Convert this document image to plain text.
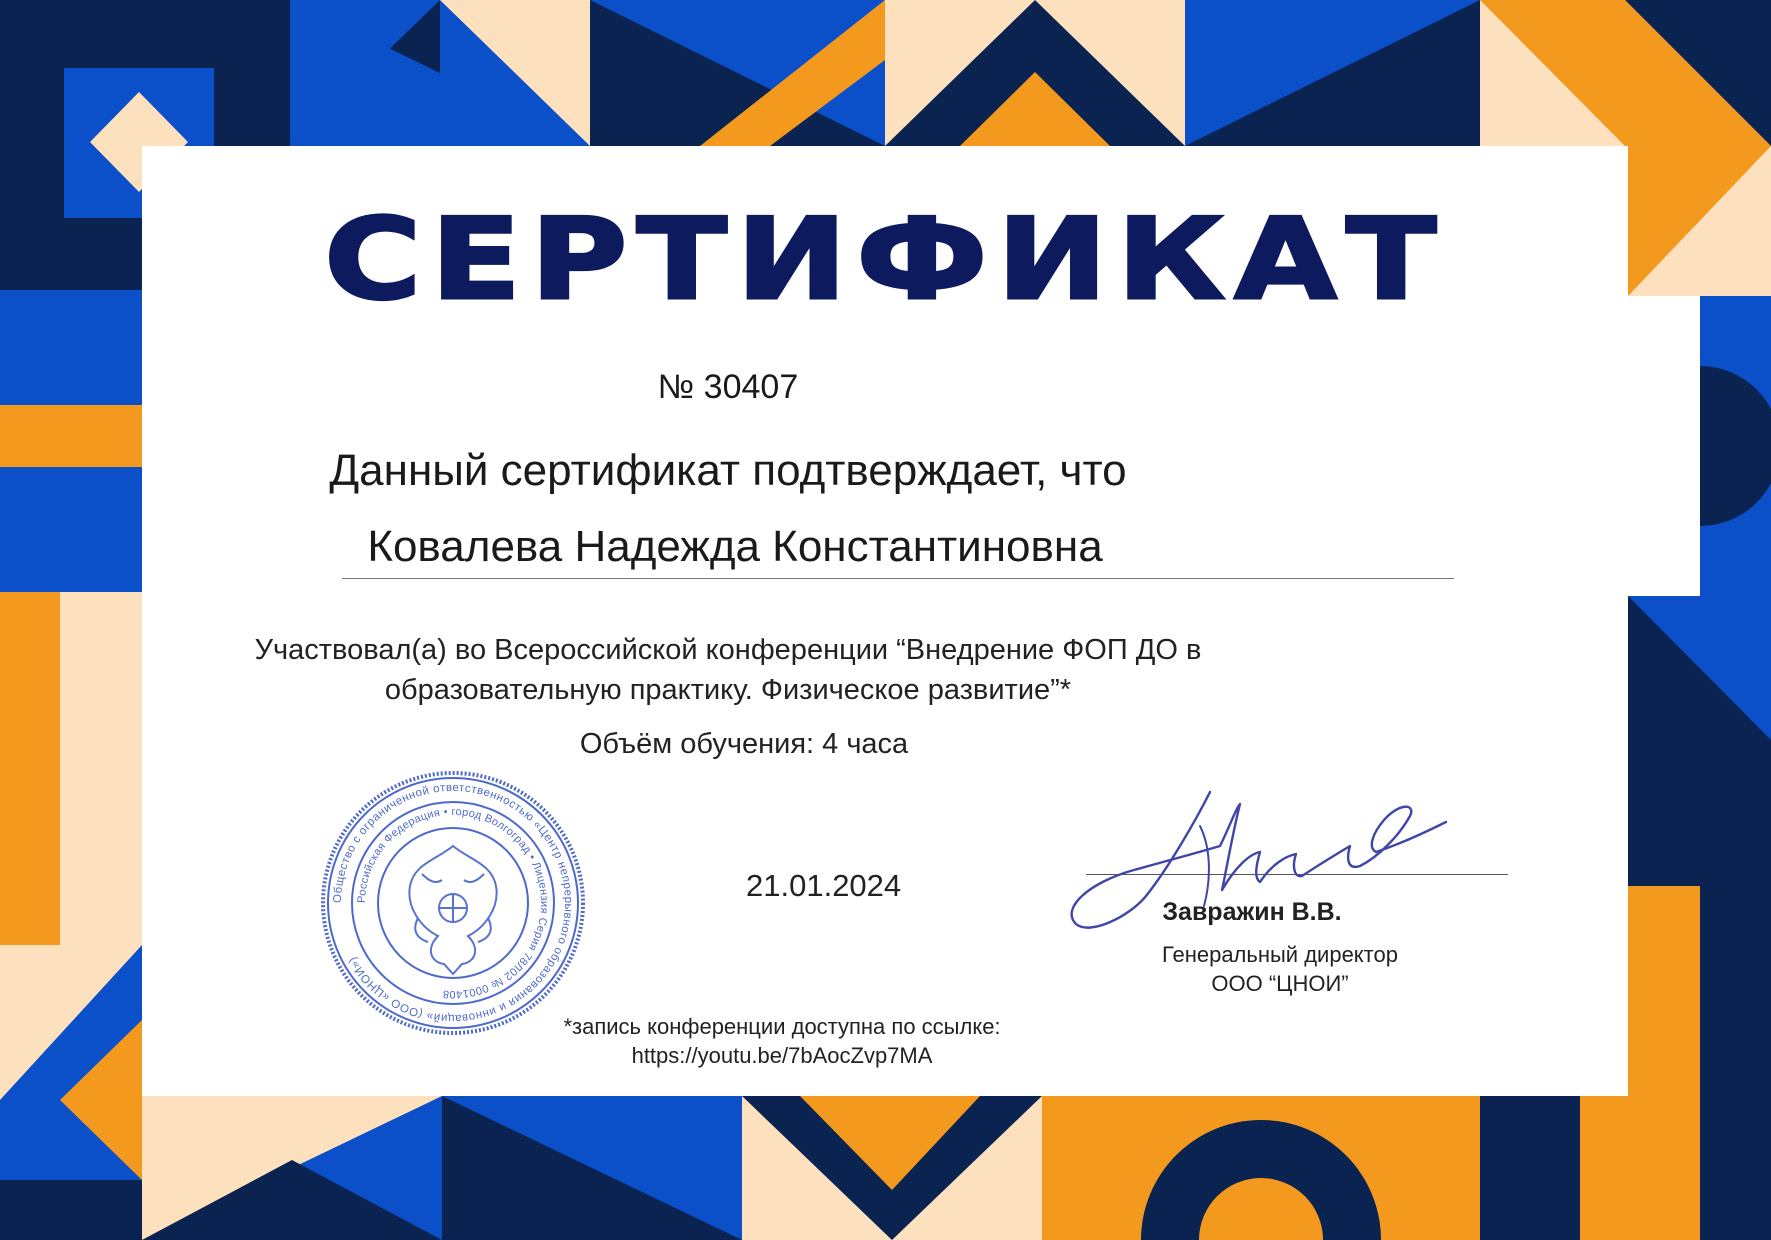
СЕРТИФИКАТ
№ 30407
Данный сертификат подтверждает, что
Ковалева Надежда Константиновна
Участвовал(а) во Всероссийской конференции “Внедрение ФОП ДО в
образовательную практику. Физическое развитие”*
Объём обучения: 4 часа
21.01.2024
Завражин В.В.
Генеральный директор
ООО “ЦНОИ”
*запись конференции доступна по ссылке:
https://youtu.be/7bAocZvp7MA
Общество с ограниченной ответственностью «Центр непрерывного образования и инноваций» (ООО «ЦНОИ»)
Российская Федерация • город Волгоград • Лицензия Серия 78Л02 № 0001408
